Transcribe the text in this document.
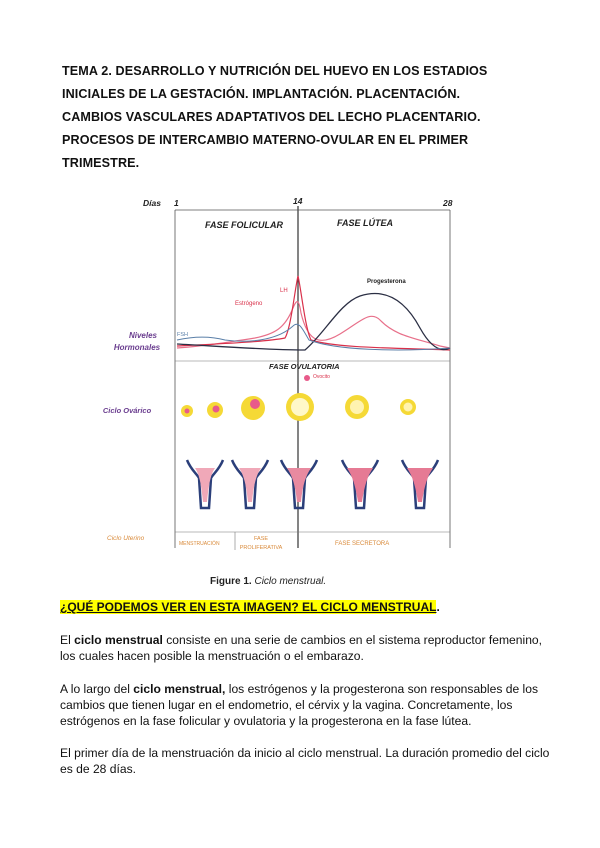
TEMA 2. DESARROLLO Y NUTRICIÓN DEL HUEVO EN LOS ESTADIOS
INICIALES DE LA GESTACIÓN. IMPLANTACIÓN. PLACENTACIÓN.
CAMBIOS VASCULARES ADAPTATIVOS DEL LECHO PLACENTARIO.
PROCESOS DE INTERCAMBIO MATERNO-OVULAR EN EL PRIMER
TRIMESTRE.
Días 1	14	28
FASE FOLICULAR	FASE LÚTEA
LH
Estrógeno
Progesterona
FSH
Niveles
Hormonales
FASE OVULATORIA
Ovocito
Ciclo Ovárico
Ciclo Uterino
MENSTRUACIÓN
FASE
PROLIFERATIVA
FASE SECRETORA
Figure 1. Ciclo menstrual.
¿QUÉ PODEMOS VER EN ESTA IMAGEN? EL CICLO MENSTRUAL.

El ciclo menstrual consiste en una serie de cambios en el sistema reproductor femenino, los cuales hacen posible la menstruación o el embarazo.

A lo largo del ciclo menstrual, los estrógenos y la progesterona son responsables de los cambios que tienen lugar en el endometrio, el cérvix y la vagina. Concretamente, los estrógenos en la fase folicular y ovulatoria y la progesterona en la fase lútea.

El primer día de la menstruación da inicio al ciclo menstrual. La duración promedio del ciclo es de 28 días.
